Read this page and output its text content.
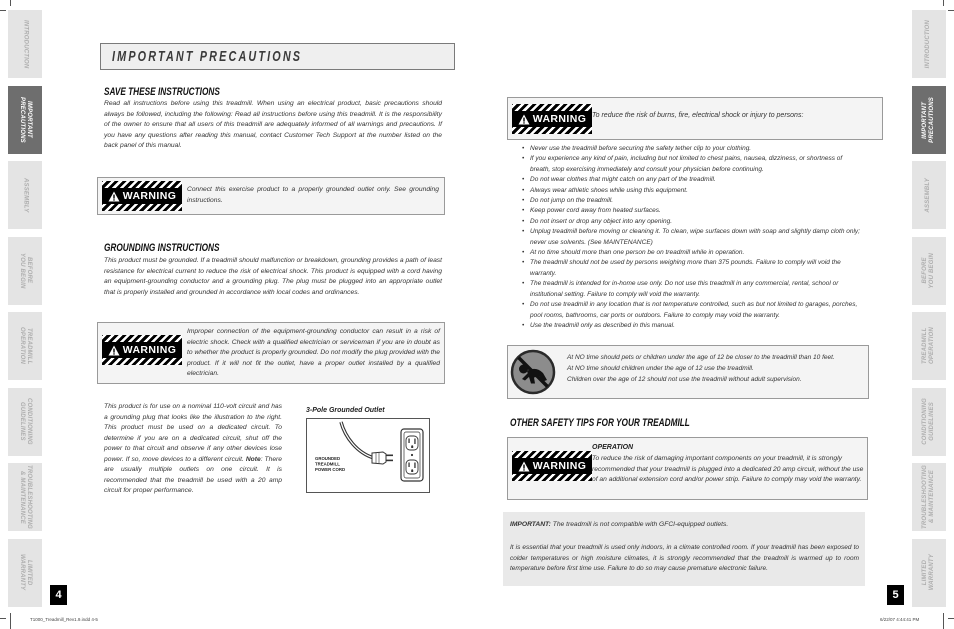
INTRODUCTION
IMPORTANT
PRECAUTIONS
ASSEMBLY
BEFORE
YOU BEGIN
TREADMILL
OPERATION
CONDITIONING
GUIDELINES
TROUBLESHOOTING
& MAINTENANCE
LIMITED
WARRANTY
INTRODUCTION
IMPORTANT PRECAUTIONS
ASSEMBLY
BEFORE YOU BEGIN
TREADMILL OPERATION
CONDITIONING GUIDELINES
TROUBLESHOOTING & MAINTENANCE
LIMITED WARRANTY
IMPORTANT PRECAUTIONS
SAVE THESE INSTRUCTIONS

Read all instructions before using this treadmill. When using an electrical product, basic precautions should always be followed, including the following: Read all instructions before using this treadmill. It is the responsibility of the owner to ensure that all users of this treadmill are adequately informed of all warnings and precautions. If you have any questions after reading this manual, contact Customer Tech Support at the number listed on the back panel of this manual.

WARNING

Connect this exercise product to a properly grounded outlet only. See grounding instructions.

GROUNDING INSTRUCTIONS

This product must be grounded. If a treadmill should malfunction or breakdown, grounding provides a path of least resistance for electrical current to reduce the risk of electrical shock. This product is equipped with a cord having an equipment-grounding conductor and a grounding plug. The plug must be plugged into an appropriate outlet that is properly installed and grounded in accordance with local codes and ordinances.

WARNING

Improper connection of the equipment-grounding conductor can result in a risk of electric shock. Check with a qualified electrician or serviceman if you are in doubt as to whether the product is properly grounded. Do not modify the plug provided with the product. If it will not fit the outlet, have a proper outlet installed by a qualified electrician.

This product is for use on a nominal 110-volt circuit and has a grounding plug that looks like the illustration to the right. This product must be used on a dedicated circuit. To determine if you are on a dedicated circuit, shut off the power to that circuit and observe if any other devices lose power. If so, move devices to a different circuit. Note: There are usually multiple outlets on one circuit. It is recommended that the treadmill be used with a 20 amp circuit for proper performance.

3-Pole Grounded Outlet
GROUNDED
TREADMILL
POWER CORD
4
WARNING To reduce the risk of burns, fire, electrical shock or injury to persons:
• Never use the treadmill before securing the safety tether clip to your clothing.
• If you experience any kind of pain, including but not limited to chest pains, nausea, dizziness, or shortness of breath, stop exercising immediately and consult your physician before continuing.
• Do not wear clothes that might catch on any part of the treadmill.
• Always wear athletic shoes while using this equipment.
• Do not jump on the treadmill.
• Keep power cord away from heated surfaces.
• Do not insert or drop any object into any opening.
• Unplug treadmill before moving or cleaning it. To clean, wipe surfaces down with soap and slightly damp cloth only; never use solvents. (See MAINTENANCE)
• At no time should more than one person be on treadmill while in operation.
• The treadmill should not be used by persons weighing more than 375 pounds. Failure to comply will void the warranty.
• The treadmill is intended for in-home use only. Do not use this treadmill in any commercial, rental, school or institutional setting. Failure to comply will void the warranty.
• Do not use treadmill in any location that is not temperature controlled, such as but not limited to garages, porches, pool rooms, bathrooms, car ports or outdoors. Failure to comply may void the warranty.
• Use the treadmill only as described in this manual.
At NO time should pets or children under the age of 12 be closer to the treadmill than 10 feet.
At NO time should children under the age of 12 use the treadmill.
Children over the age of 12 should not use the treadmill without adult supervision.
OTHER SAFETY TIPS FOR YOUR TREADMILL
WARNING
OPERATION

To reduce the risk of damaging important components on your treadmill, it is strongly recommended that your treadmill is plugged into a dedicated 20 amp circuit, without the use of an additional extension cord and/or power strip. Failure to comply may void the warranty.

IMPORTANT: The treadmill is not compatible with GFCI-equipped outlets.

It is essential that your treadmill is used only indoors, in a climate controlled room. If your treadmill has been exposed to colder temperatures or high moisture climates, it is strongly recommended that the treadmill is warmed up to room temperature before first time use. Failure to do so may cause premature electronic failure.

5
T1000_Treadmill_Rev1.9.indd 4-5	6/22/07 4:44:41 PM
